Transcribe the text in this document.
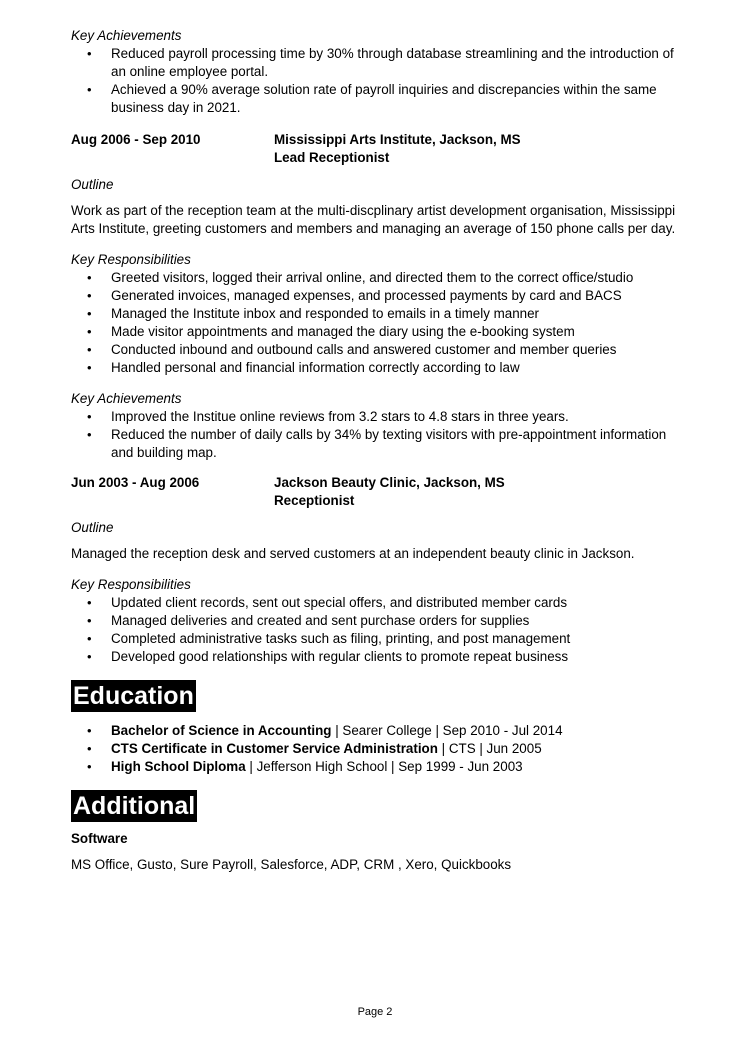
Key Achievements
• Reduced payroll processing time by 30% through database streamlining and the introduction of an online employee portal.
• Achieved a 90% average solution rate of payroll inquiries and discrepancies within the same business day in 2021.
Aug 2006 - Sep 2010	Mississippi Arts Institute, Jackson, MS
Lead Receptionist
Outline
Work as part of the reception team at the multi-discplinary artist development organisation, Mississippi Arts Institute, greeting customers and members and managing an average of 150 phone calls per day.
Key Responsibilities
• Greeted visitors, logged their arrival online, and directed them to the correct office/studio
• Generated invoices, managed expenses, and processed payments by card and BACS
• Managed the Institute inbox and responded to emails in a timely manner
• Made visitor appointments and managed the diary using the e-booking system
• Conducted inbound and outbound calls and answered customer and member queries
• Handled personal and financial information correctly according to law
Key Achievements
• Improved the Institue online reviews from 3.2 stars to 4.8 stars in three years.
• Reduced the number of daily calls by 34% by texting visitors with pre-appointment information and building map.
Jun 2003 - Aug 2006	Jackson Beauty Clinic, Jackson, MS
Receptionist
Outline
Managed the reception desk and served customers at an independent beauty clinic in Jackson.
Key Responsibilities
• Updated client records, sent out special offers, and distributed member cards
• Managed deliveries and created and sent purchase orders for supplies
• Completed administrative tasks such as filing, printing, and post management
• Developed good relationships with regular clients to promote repeat business
Education
• Bachelor of Science in Accounting | Searer College | Sep 2010 - Jul 2014
• CTS Certificate in Customer Service Administration | CTS | Jun 2005
• High School Diploma | Jefferson High School | Sep 1999 - Jun 2003
Additional
Software
MS Office, Gusto, Sure Payroll, Salesforce, ADP, CRM , Xero, Quickbooks
Page 2
